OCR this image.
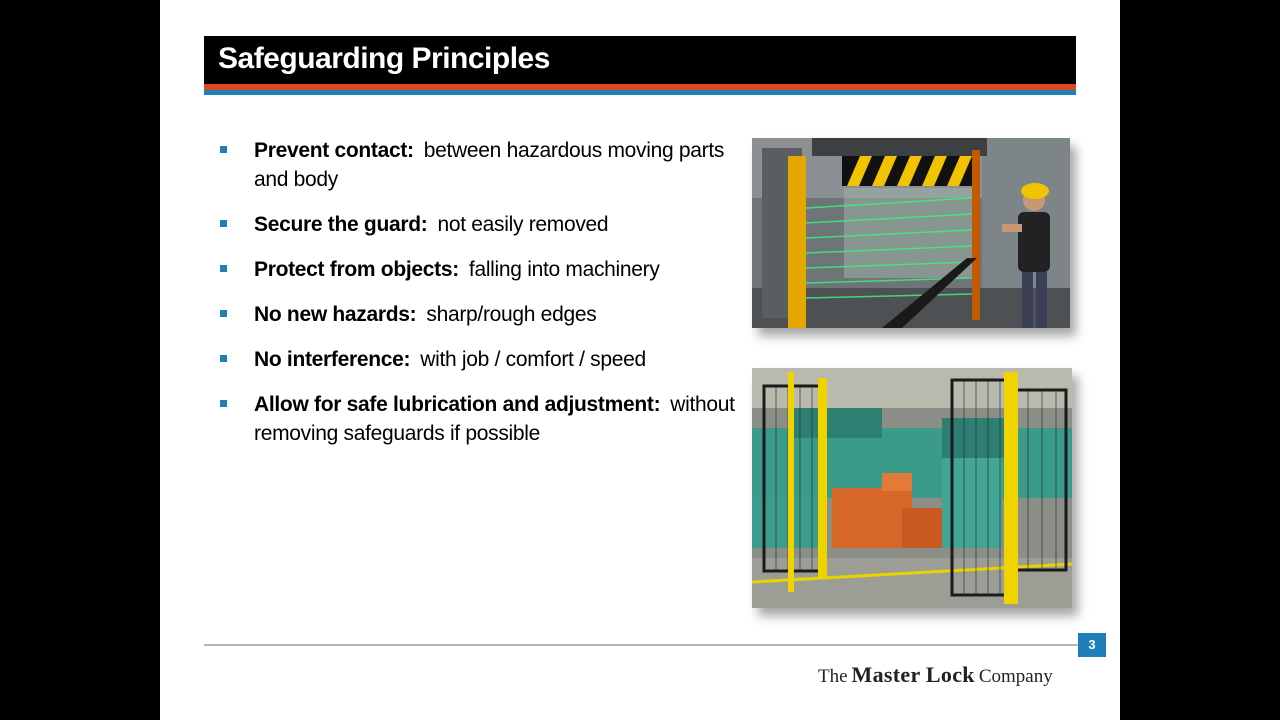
Safeguarding Principles
Prevent contact: between hazardous moving parts and body
Secure the guard: not easily removed
Protect from objects: falling into machinery
No new hazards: sharp/rough edges
No interference: with job / comfort / speed
Allow for safe lubrication and adjustment: without removing safeguards if possible
3
The Master Lock Company
